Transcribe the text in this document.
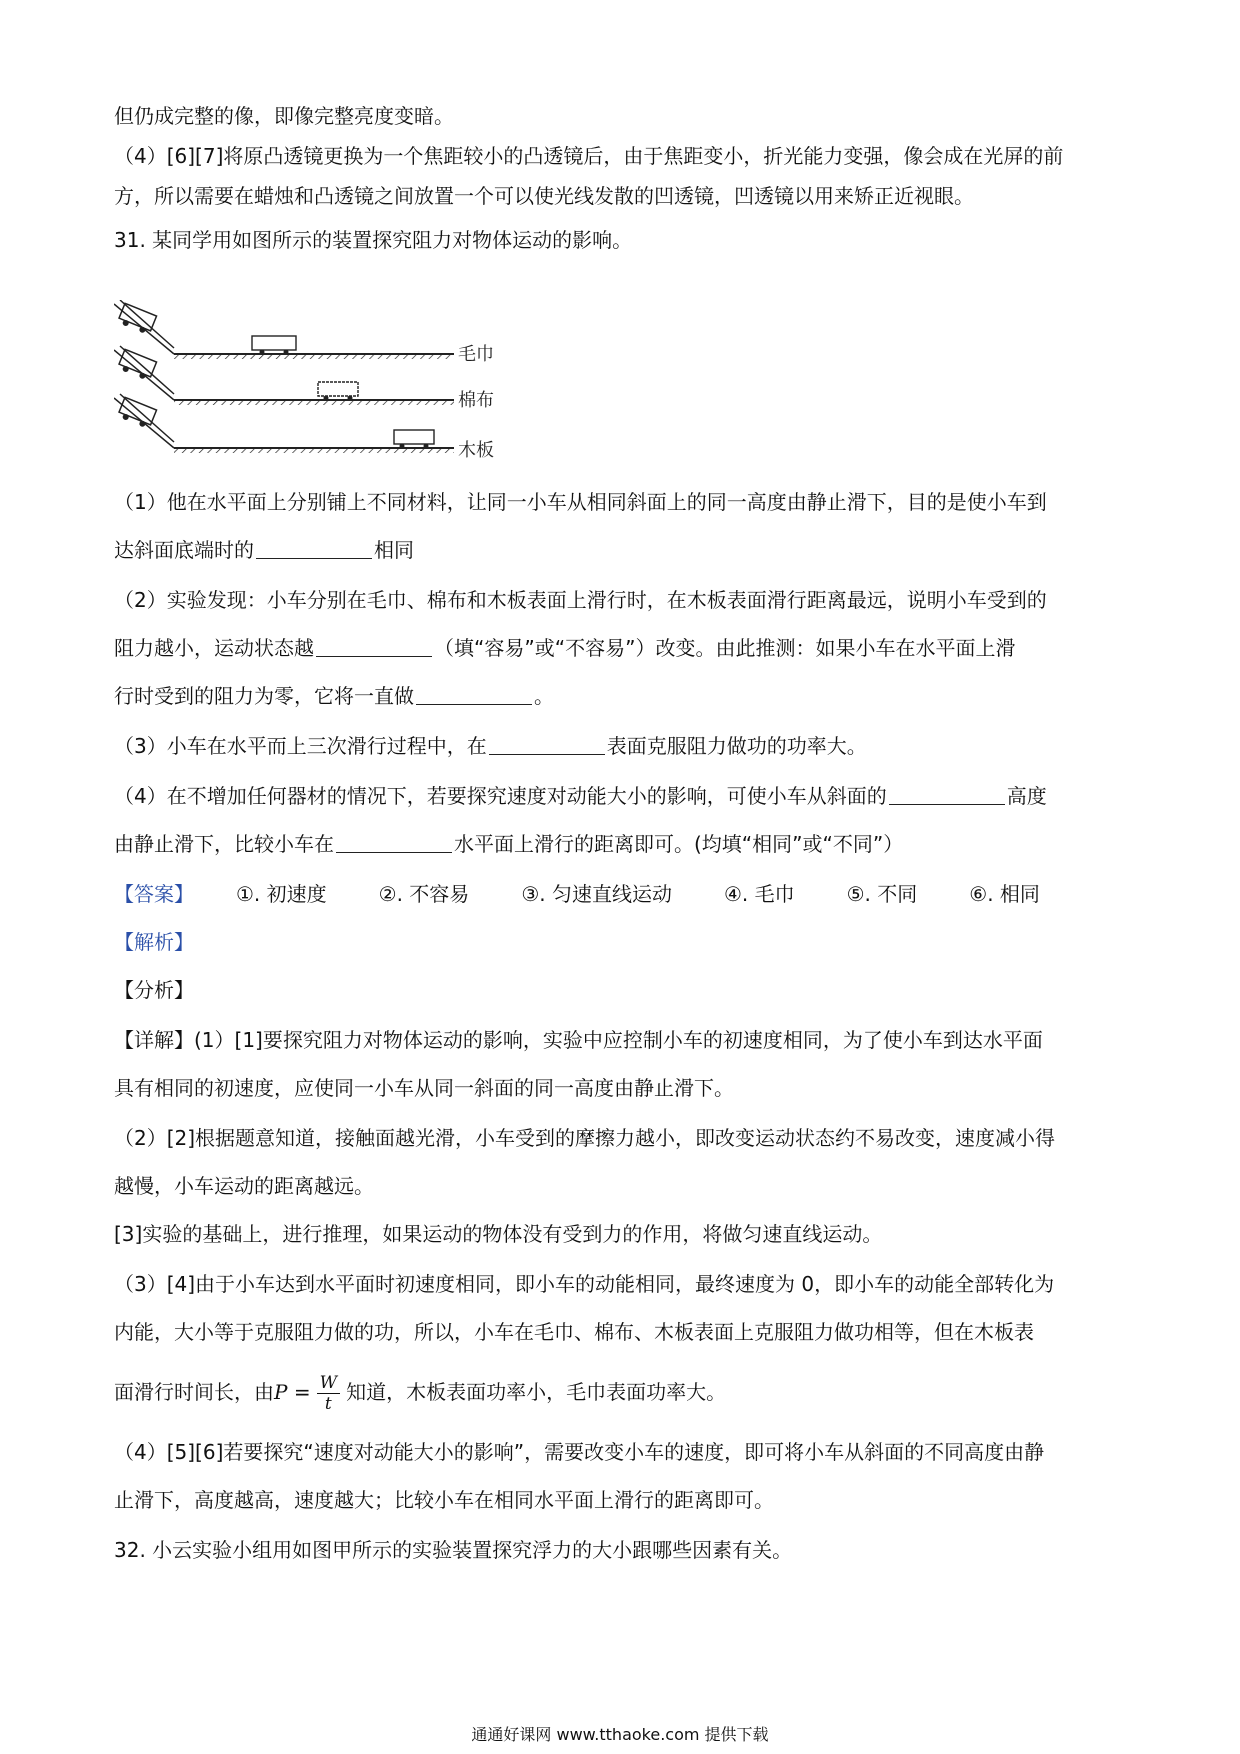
但仍成完整的像，即像完整亮度变暗。
（4）[6][7]将原凸透镜更换为一个焦距较小的凸透镜后，由于焦距变小，折光能力变强，像会成在光屏的前
方，所以需要在蜡烛和凸透镜之间放置一个可以使光线发散的凹透镜，凹透镜以用来矫正近视眼。
31. 某同学用如图所示的装置探究阻力对物体运动的影响。
毛巾
棉布
木板
（1）他在水平面上分别铺上不同材料，让同一小车从相同斜面上的同一高度由静止滑下，目的是使小车到
达斜面底端时的	相同
（2）实验发现：小车分别在毛巾、棉布和木板表面上滑行时，在木板表面滑行距离最远，说明小车受到的
阻力越小，运动状态越	（填“容易”或“不容易”）改变。由此推测：如果小车在水平面上滑
行时受到的阻力为零，它将一直做	。
（3）小车在水平而上三次滑行过程中，在	表面克服阻力做功的功率大。
（4）在不增加任何器材的情况下，若要探究速度对动能大小的影响，可使小车从斜面的	高度
由静止滑下，比较小车在	水平面上滑行的距离即可。(均填“相同”或“不同”）
【答案】 ①. 初速度	②. 不容易	③. 匀速直线运动	④. 毛巾	⑤. 不同	⑥. 相同
【解析】
【分析】
【详解】(1）[1]要探究阻力对物体运动的影响，实验中应控制小车的初速度相同，为了使小车到达水平面
具有相同的初速度，应使同一小车从同一斜面的同一高度由静止滑下。
（2）[2]根据题意知道，接触面越光滑，小车受到的摩擦力越小，即改变运动状态约不易改变，速度减小得
越慢，小车运动的距离越远。
[3]实验的基础上，进行推理，如果运动的物体没有受到力的作用，将做匀速直线运动。
（3）[4]由于小车达到水平面时初速度相同，即小车的动能相同，最终速度为 0，即小车的动能全部转化为
内能，大小等于克服阻力做的功，所以，小车在毛巾、棉布、木板表面上克服阻力做功相等，但在木板表
面滑行时间长，由$P = \frac{W}{t}$ 知道，木板表面功率小，毛巾表面功率大。
（4）[5][6]若要探究“速度对动能大小的影响”，需要改变小车的速度，即可将小车从斜面的不同高度由静
止滑下，高度越高，速度越大；比较小车在相同水平面上滑行的距离即可。
32. 小云实验小组用如图甲所示的实验装置探究浮力的大小跟哪些因素有关。
通通好课网 www.tthaoke.com 提供下载
